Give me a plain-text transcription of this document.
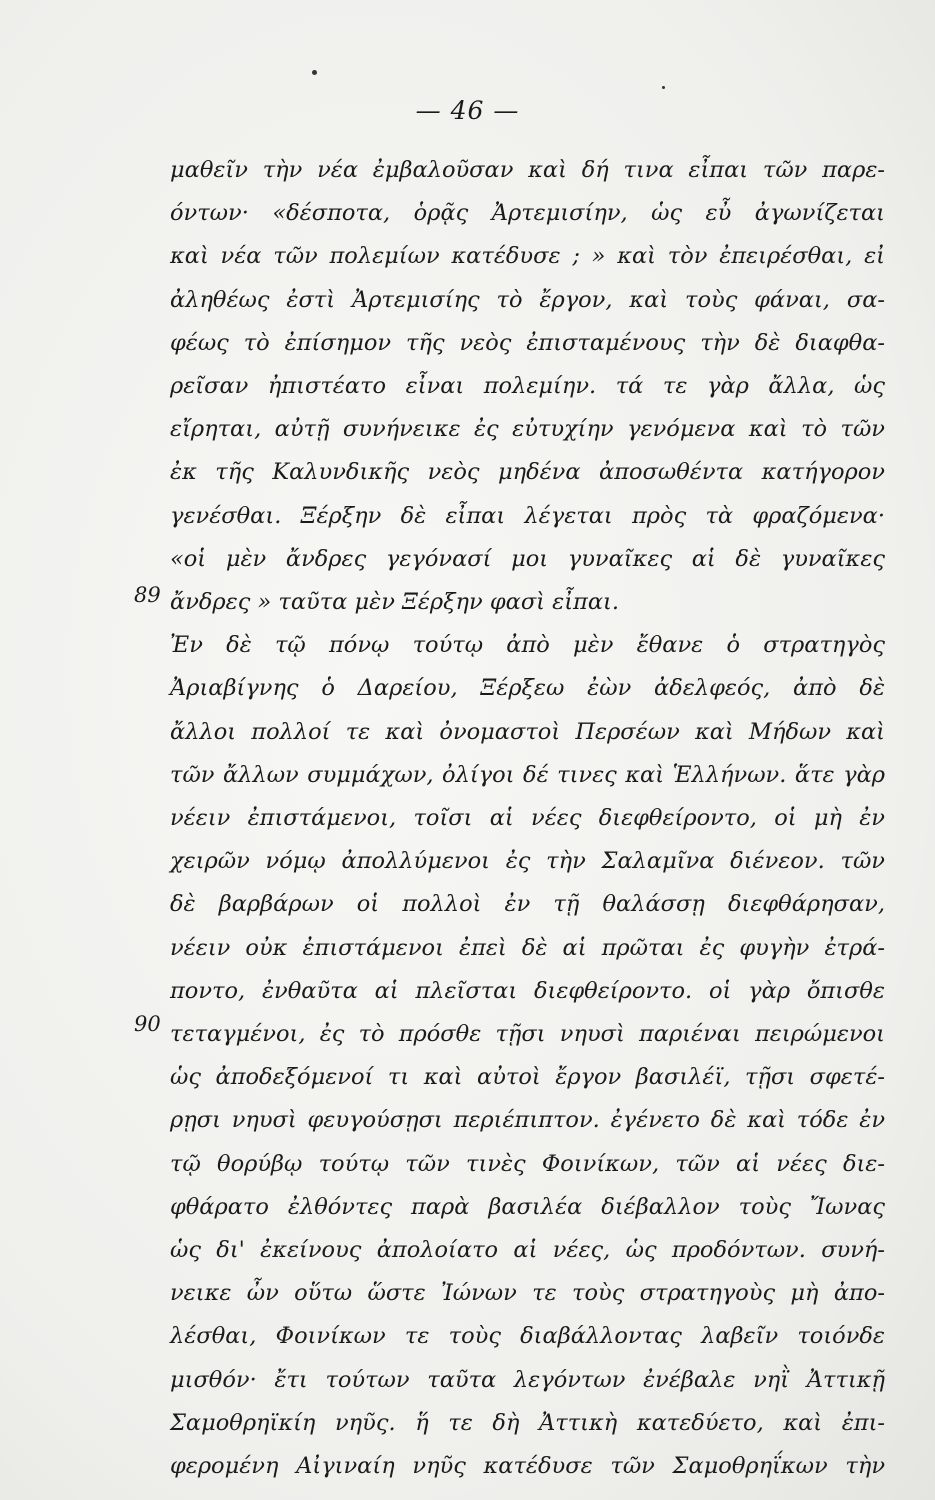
— 46 —
μαθεῖν τὴν νέα ἐμβαλοῦσαν καὶ δή τινα εἶπαι τῶν παρε-
όντων· «δέσποτα, ὁρᾷς Ἀρτεμισίην, ὡς εὖ ἀγωνίζεται
καὶ νέα τῶν πολεμίων κατέδυσε ; » καὶ τὸν ἐπειρέσθαι, εἰ
ἀληθέως ἐστὶ Ἀρτεμισίης τὸ ἔργον, καὶ τοὺς φάναι, σα-
φέως τὸ ἐπίσημον τῆς νεὸς ἐπισταμένους τὴν δὲ διαφθα-
ρεῖσαν ἠπιστέατο εἶναι πολεμίην. τά τε γὰρ ἄλλα, ὡς
εἴρηται, αὐτῇ συνήνεικε ἐς εὐτυχίην γενόμενα καὶ τὸ τῶν
ἐκ τῆς Καλυνδικῆς νεὸς μηδένα ἀποσωθέντα κατήγορον
γενέσθαι. Ξέρξην δὲ εἶπαι λέγεται πρὸς τὰ φραζόμενα·
«οἱ μὲν ἄνδρες γεγόνασί μοι γυναῖκες αἱ δὲ γυναῖκες
ἄνδρες » ταῦτα μὲν Ξέρξην φασὶ εἶπαι.
Ἐν δὲ τῷ πόνῳ τούτῳ ἀπὸ μὲν ἔθανε ὁ στρατηγὸς
Ἀριαβίγνης ὁ Δαρείου, Ξέρξεω ἐὼν ἀδελφεός, ἀπὸ δὲ
ἄλλοι πολλοί τε καὶ ὀνομαστοὶ Περσέων καὶ Μήδων καὶ
τῶν ἄλλων συμμάχων, ὀλίγοι δέ τινες καὶ Ἑλλήνων. ἅτε γὰρ
νέειν ἐπιστάμενοι, τοῖσι αἱ νέες διεφθείροντο, οἱ μὴ ἐν
χειρῶν νόμῳ ἀπολλύμενοι ἐς τὴν Σαλαμῖνα διένεον. τῶν
δὲ βαρβάρων οἱ πολλοὶ ἐν τῇ θαλάσσῃ διεφθάρησαν,
νέειν οὐκ ἐπιστάμενοι ἐπεὶ δὲ αἱ πρῶται ἐς φυγὴν ἐτρά-
ποντο, ἐνθαῦτα αἱ πλεῖσται διεφθείροντο. οἱ γὰρ ὄπισθε
τεταγμένοι, ἐς τὸ πρόσθε τῇσι νηυσὶ παριέναι πειρώμενοι
ὡς ἀποδεξόμενοί τι καὶ αὐτοὶ ἔργον βασιλέϊ, τῇσι σφετέ-
ρῃσι νηυσὶ φευγούσῃσι περιέπιπτον. ἐγένετο δὲ καὶ τόδε ἐν
τῷ θορύβῳ τούτῳ τῶν τινὲς Φοινίκων, τῶν αἱ νέες διε-
φθάρατο ἐλθόντες παρὰ βασιλέα διέβαλλον τοὺς Ἴωνας
ὡς δι' ἐκείνους ἀπολοίατο αἱ νέες, ὡς προδόντων. συνή-
νεικε ὦν οὕτω ὥστε Ἰώνων τε τοὺς στρατηγοὺς μὴ ἀπο-
λέσθαι, Φοινίκων τε τοὺς διαβάλλοντας λαβεῖν τοιόνδε
μισθόν· ἔτι τούτων ταῦτα λεγόντων ἐνέβαλε νηῒ Ἀττικῇ
Σαμοθρηϊκίη νηῦς. ἥ τε δὴ Ἀττικὴ κατεδύετο, καὶ ἐπι-
φερομένη Αἰγιναίη νηῦς κατέδυσε τῶν Σαμοθρηΐκων τὴν
89
90
